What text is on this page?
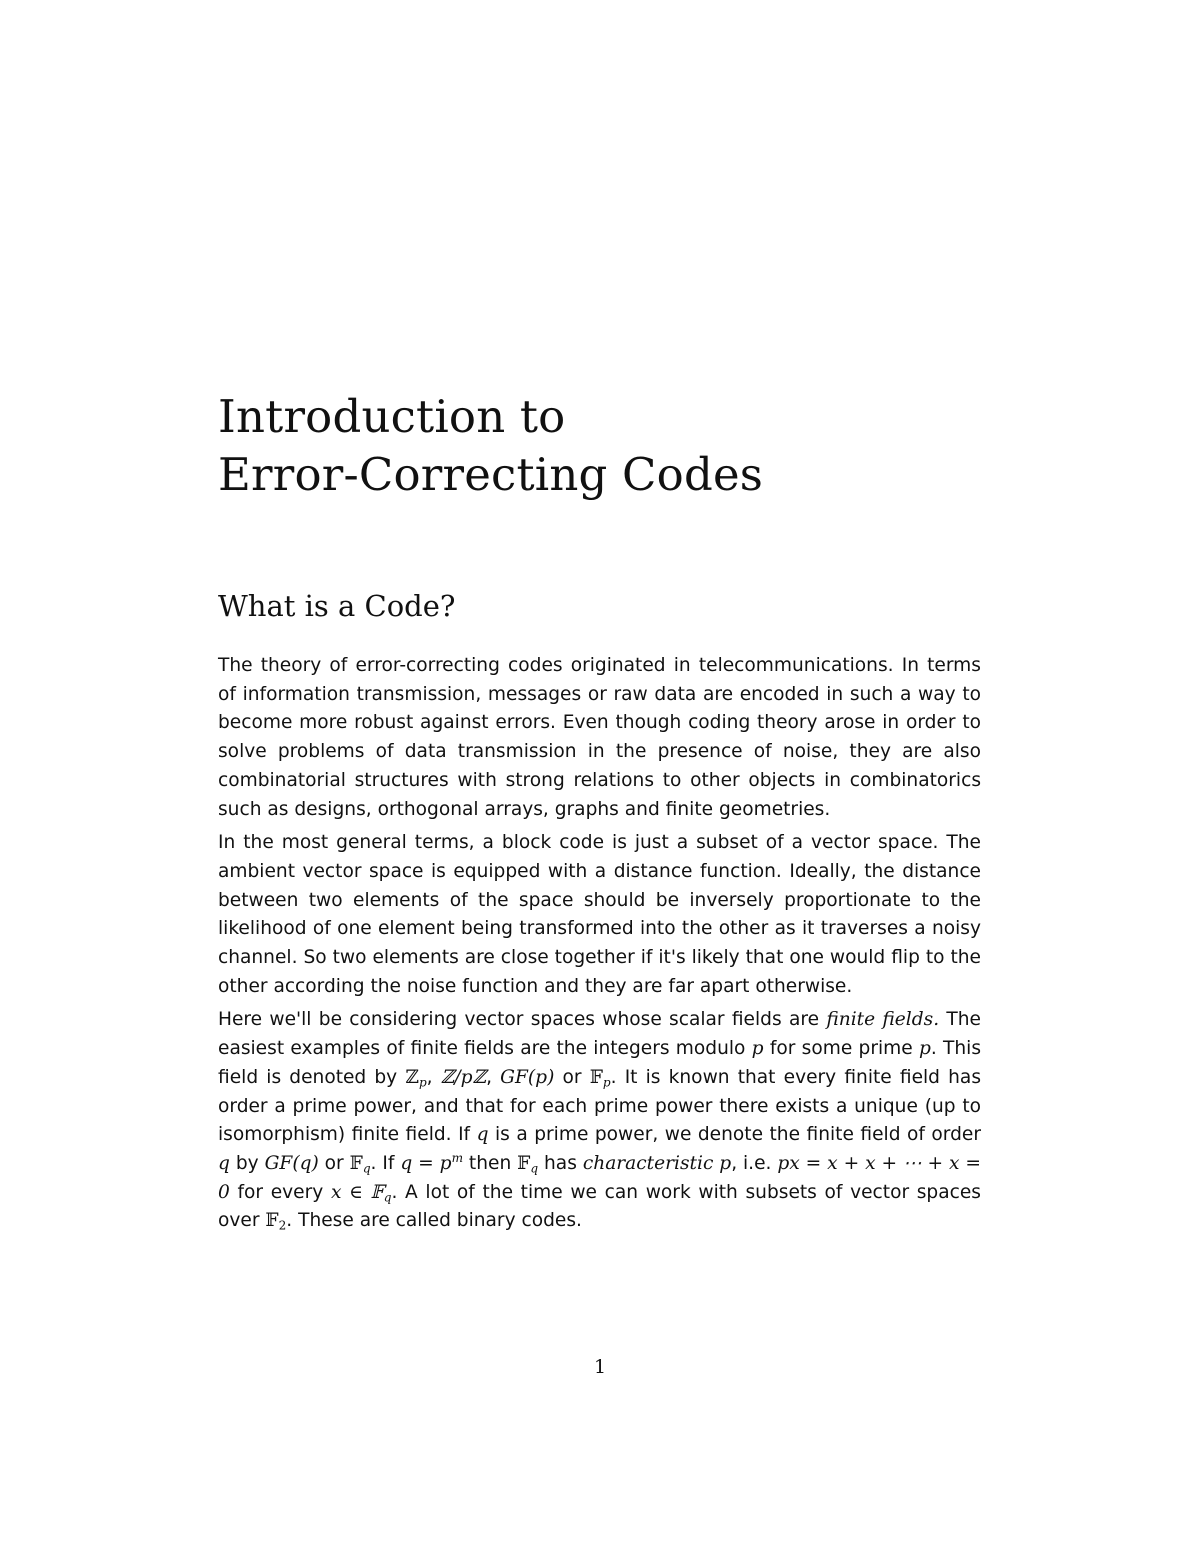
Introduction to
Error-Correcting Codes
What is a Code?

The theory of error-correcting codes originated in telecommunications. In terms of information transmission, messages or raw data are encoded in such a way to become more robust against errors. Even though coding theory arose in order to solve problems of data transmission in the presence of noise, they are also combinatorial structures with strong relations to other objects in combinatorics such as designs, orthogonal arrays, graphs and finite geometries.

In the most general terms, a block code is just a subset of a vector space. The ambient vector space is equipped with a distance function. Ideally, the distance between two elements of the space should be inversely proportionate to the likelihood of one element being transformed into the other as it traverses a noisy channel. So two elements are close together if it's likely that one would flip to the other according the noise function and they are far apart otherwise.

Here we'll be considering vector spaces whose scalar fields are finite fields. The easiest examples of finite fields are the integers modulo p for some prime p. This field is denoted by ℤ$_p$, ℤ/pℤ, GF(p) or 𝔽$_p$. It is known that every finite field has order a prime power, and that for each prime power there exists a unique (up to isomorphism) finite field. If q is a prime power, we denote the finite field of order q by GF(q) or 𝔽$_q$. If $q = p^m$ then 𝔽$_q$ has characteristic p, i.e. px = x + x + ⋯ + x = 0 for every x ∈ 𝔽$_q$. A lot of the time we can work with subsets of vector spaces over 𝔽$_2$. These are called binary codes.

1
